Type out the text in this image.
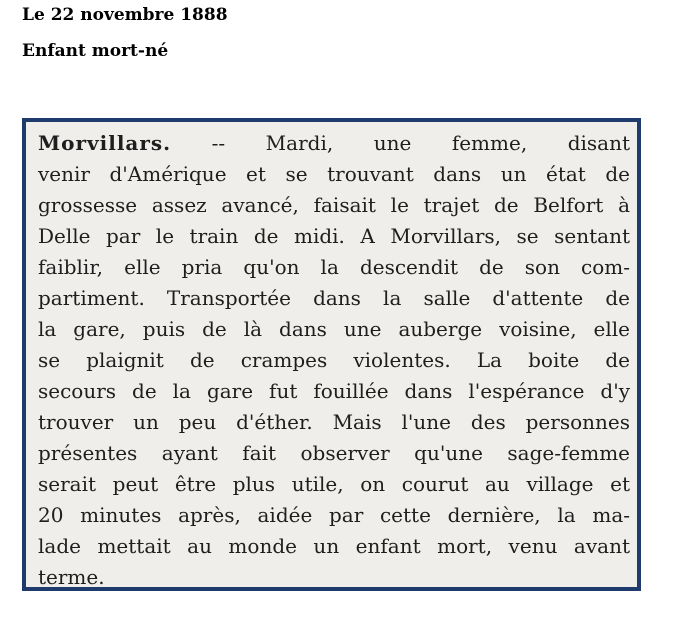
Le 22 novembre 1888
Enfant mort-né
Morvillars. -- Mardi, une femme, disant
venir d'Amérique et se trouvant dans un état de
grossesse assez avancé, faisait le trajet de Belfort à
Delle par le train de midi. A Morvillars, se sentant
faiblir, elle pria qu'on la descendit de son com-
partiment. Transportée dans la salle d'attente de
la gare, puis de là dans une auberge voisine, elle
se plaignit de crampes violentes. La boite de
secours de la gare fut fouillée dans l'espérance d'y
trouver un peu d'éther. Mais l'une des personnes
présentes ayant fait observer qu'une sage-femme
serait peut être plus utile, on courut au village et
20 minutes après, aidée par cette dernière, la ma-
lade mettait au monde un enfant mort, venu avant
terme.
